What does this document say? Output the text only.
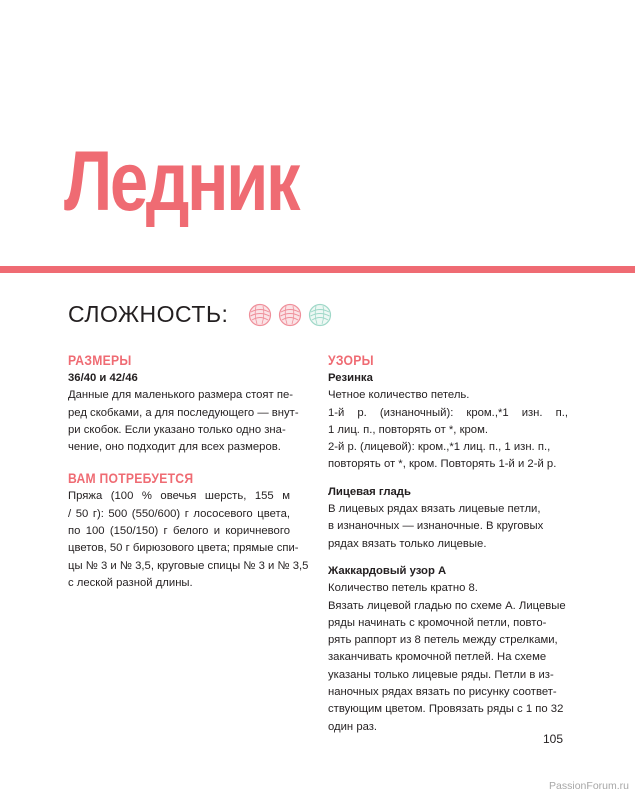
Ледник
СЛОЖНОСТЬ:
РАЗМЕРЫ
36/40 и 42/46
Данные для маленького размера стоят пе-
ред скобками, а для последующего — внут-
ри скобок. Если указано только одно зна-
чение, оно подходит для всех размеров.
ВАМ ПОТРЕБУЕТСЯ
Пряжа (100 % овечья шерсть, 155 м
/ 50 г): 500 (550/600) г лососевого цвета,
по 100 (150/150) г белого и коричневого
цветов, 50 г бирюзового цвета; прямые спи-
цы № 3 и № 3,5, круговые спицы № 3 и № 3,5
с леской разной длины.
УЗОРЫ
Резинка
Четное количество петель.
1-й р. (изнаночный): кром.,*1 изн. п.,
1 лиц. п., повторять от *, кром.
2-й р. (лицевой): кром.,*1 лиц. п., 1 изн. п.,
повторять от *, кром. Повторять 1-й и 2-й р.
Лицевая гладь
В лицевых рядах вязать лицевые петли,
в изнаночных — изнаночные. В круговых
рядах вязать только лицевые.
Жаккардовый узор А
Количество петель кратно 8.
Вязать лицевой гладью по схеме А. Лицевые
ряды начинать с кромочной петли, повто-
рять раппорт из 8 петель между стрелками,
заканчивать кромочной петлей. На схеме
указаны только лицевые ряды. Петли в из-
наночных рядах вязать по рисунку соответ-
ствующим цветом. Провязать ряды с 1 по 32
один раз.
105
PassionForum.ru
